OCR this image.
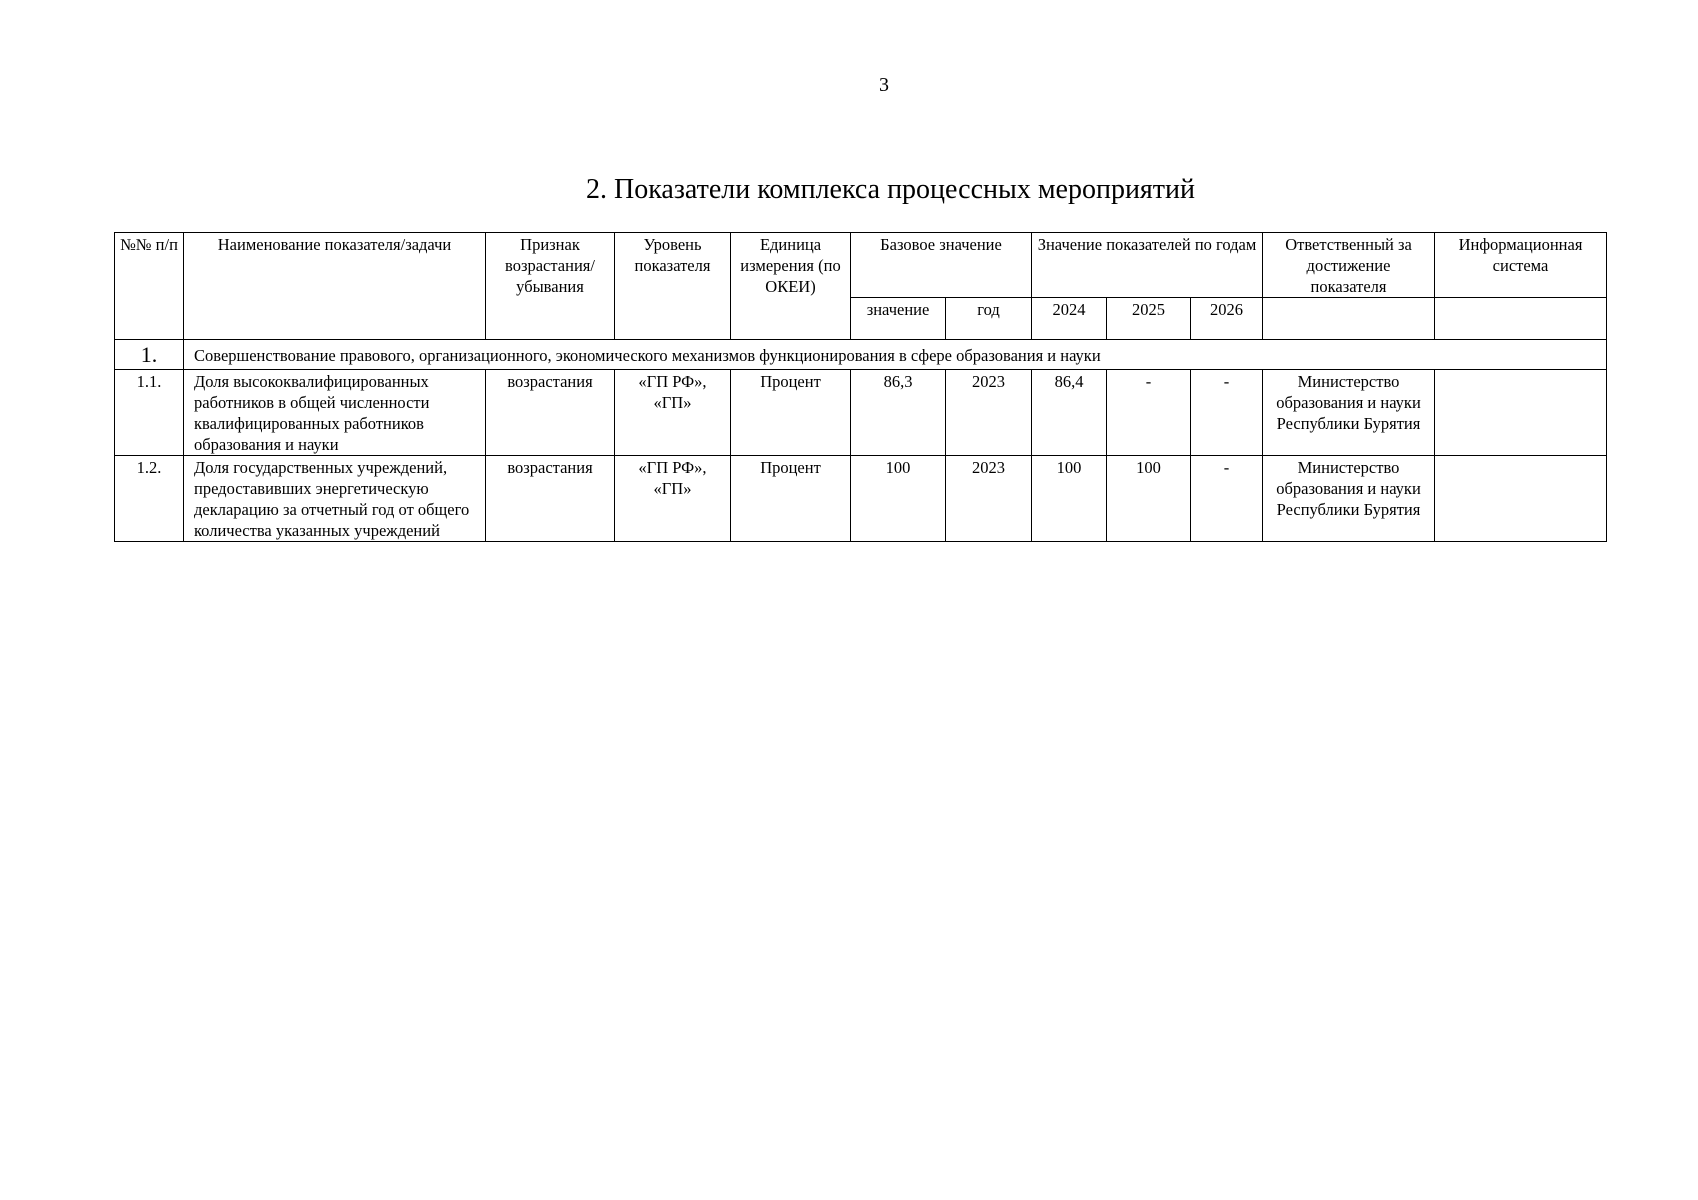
3
2. Показатели комплекса процессных мероприятий
№№ п/п	Наименование показателя/задачи	Признак возрастания/ убывания	Уровень показателя	Единица измерения (по ОКЕИ)	Базовое значение		Значение показателей по годам			Ответственный за достижение показателя	Информационная система
					значение	год	2024	2025	2026		
1.	Совершенствование правового, организационного, экономического механизмов функционирования в сфере образования и науки										
1.1.	Доля высококвалифицированных работников в общей численности квалифицированных работников образования и науки	возрастания	«ГП РФ», «ГП»	Процент	86,3	2023	86,4	-	-	Министерство образования и науки Республики Бурятия	
1.2.	Доля государственных учреждений, предоставивших энергетическую декларацию за отчетный год от общего количества указанных учреждений	возрастания	«ГП РФ», «ГП»	Процент	100	2023	100	100	-	Министерство образования и науки Республики Бурятия	
